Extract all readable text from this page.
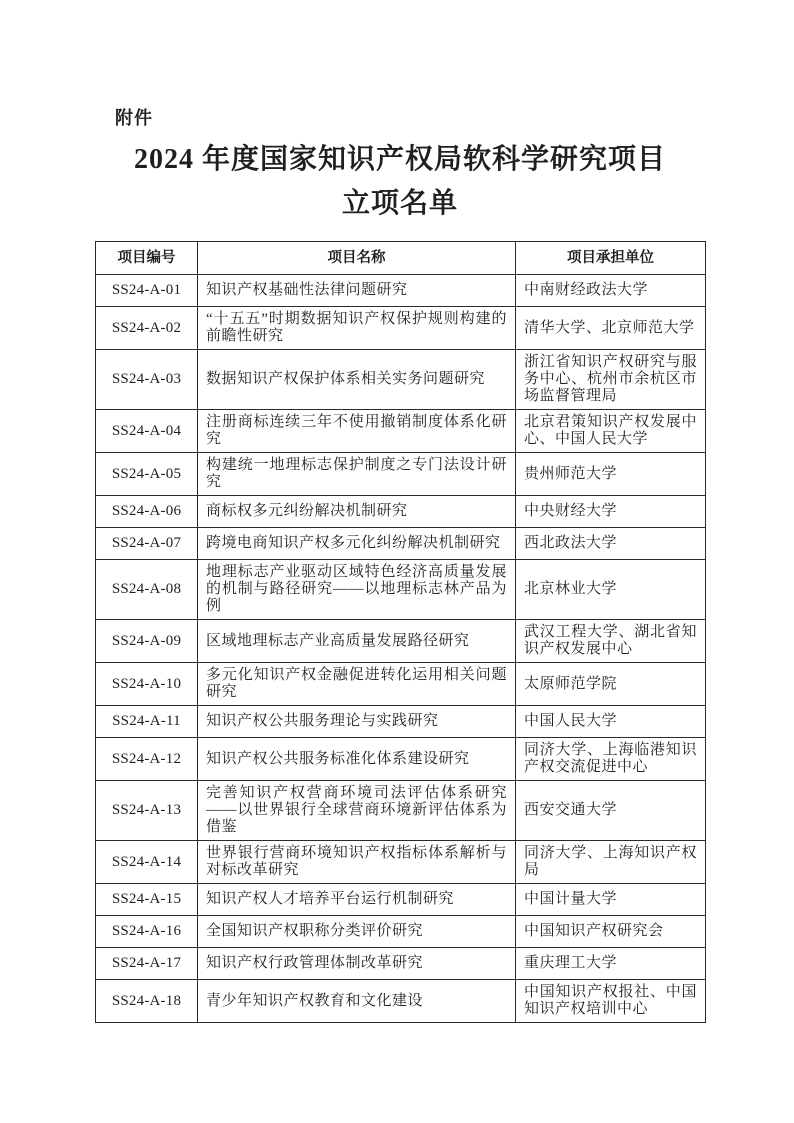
附件
2024 年度国家知识产权局软科学研究项目
立项名单
项目编号	项目名称	项目承担单位
SS24-A-01	知识产权基础性法律问题研究	中南财经政法大学
SS24-A-02	“十五五”时期数据知识产权保护规则构建的前瞻性研究	清华大学、北京师范大学
SS24-A-03	数据知识产权保护体系相关实务问题研究	浙江省知识产权研究与服务中心、杭州市余杭区市场监督管理局
SS24-A-04	注册商标连续三年不使用撤销制度体系化研究	北京君策知识产权发展中心、中国人民大学
SS24-A-05	构建统一地理标志保护制度之专门法设计研究	贵州师范大学
SS24-A-06	商标权多元纠纷解决机制研究	中央财经大学
SS24-A-07	跨境电商知识产权多元化纠纷解决机制研究	西北政法大学
SS24-A-08	地理标志产业驱动区域特色经济高质量发展的机制与路径研究——以地理标志林产品为例	北京林业大学
SS24-A-09	区域地理标志产业高质量发展路径研究	武汉工程大学、湖北省知识产权发展中心
SS24-A-10	多元化知识产权金融促进转化运用相关问题研究	太原师范学院
SS24-A-11	知识产权公共服务理论与实践研究	中国人民大学
SS24-A-12	知识产权公共服务标准化体系建设研究	同济大学、上海临港知识产权交流促进中心
SS24-A-13	完善知识产权营商环境司法评估体系研究——以世界银行全球营商环境新评估体系为借鉴	西安交通大学
SS24-A-14	世界银行营商环境知识产权指标体系解析与对标改革研究	同济大学、上海知识产权局
SS24-A-15	知识产权人才培养平台运行机制研究	中国计量大学
SS24-A-16	全国知识产权职称分类评价研究	中国知识产权研究会
SS24-A-17	知识产权行政管理体制改革研究	重庆理工大学
SS24-A-18	青少年知识产权教育和文化建设	中国知识产权报社、中国知识产权培训中心
